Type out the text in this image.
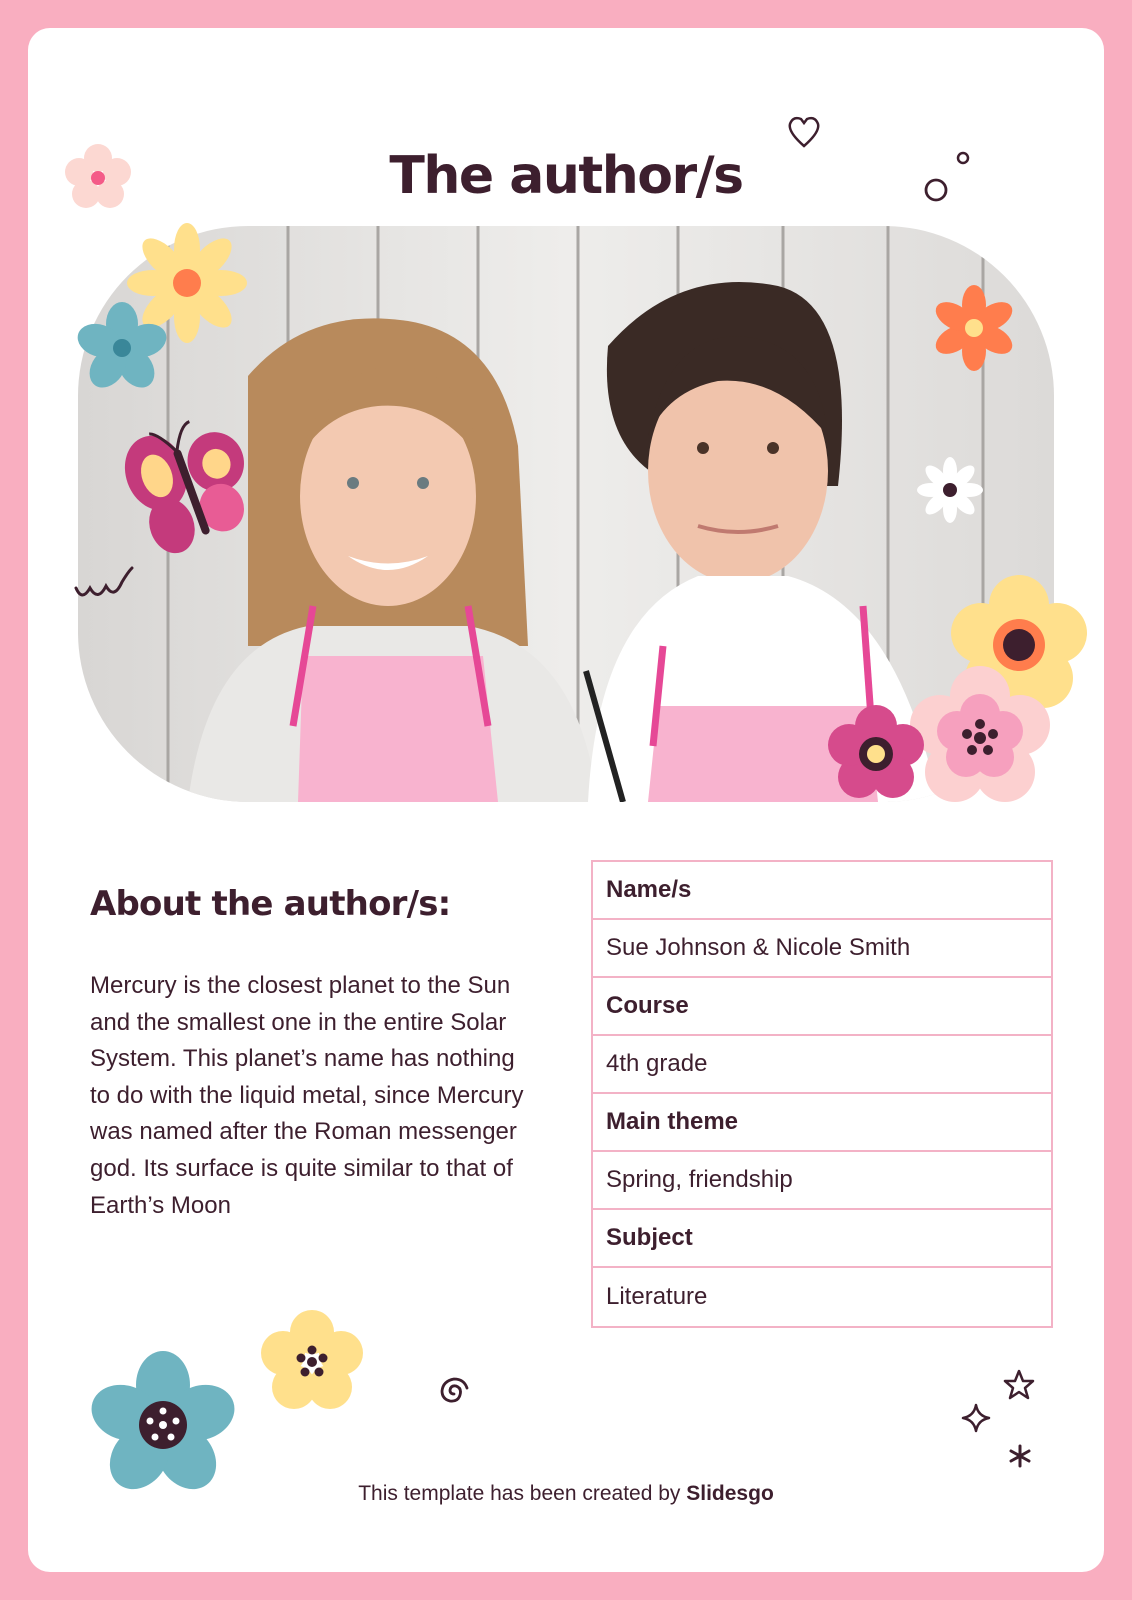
The author/s
About the author/s:

Mercury is the closest planet to the Sun and the smallest one in the entire Solar System. This planet’s name has nothing to do with the liquid metal, since Mercury was named after the Roman messenger god. Its surface is quite similar to that of Earth’s Moon

Name/s
Sue Johnson & Nicole Smith
Course
4th grade
Main theme
Spring, friendship
Subject
Literature
This template has been created by Slidesgo
